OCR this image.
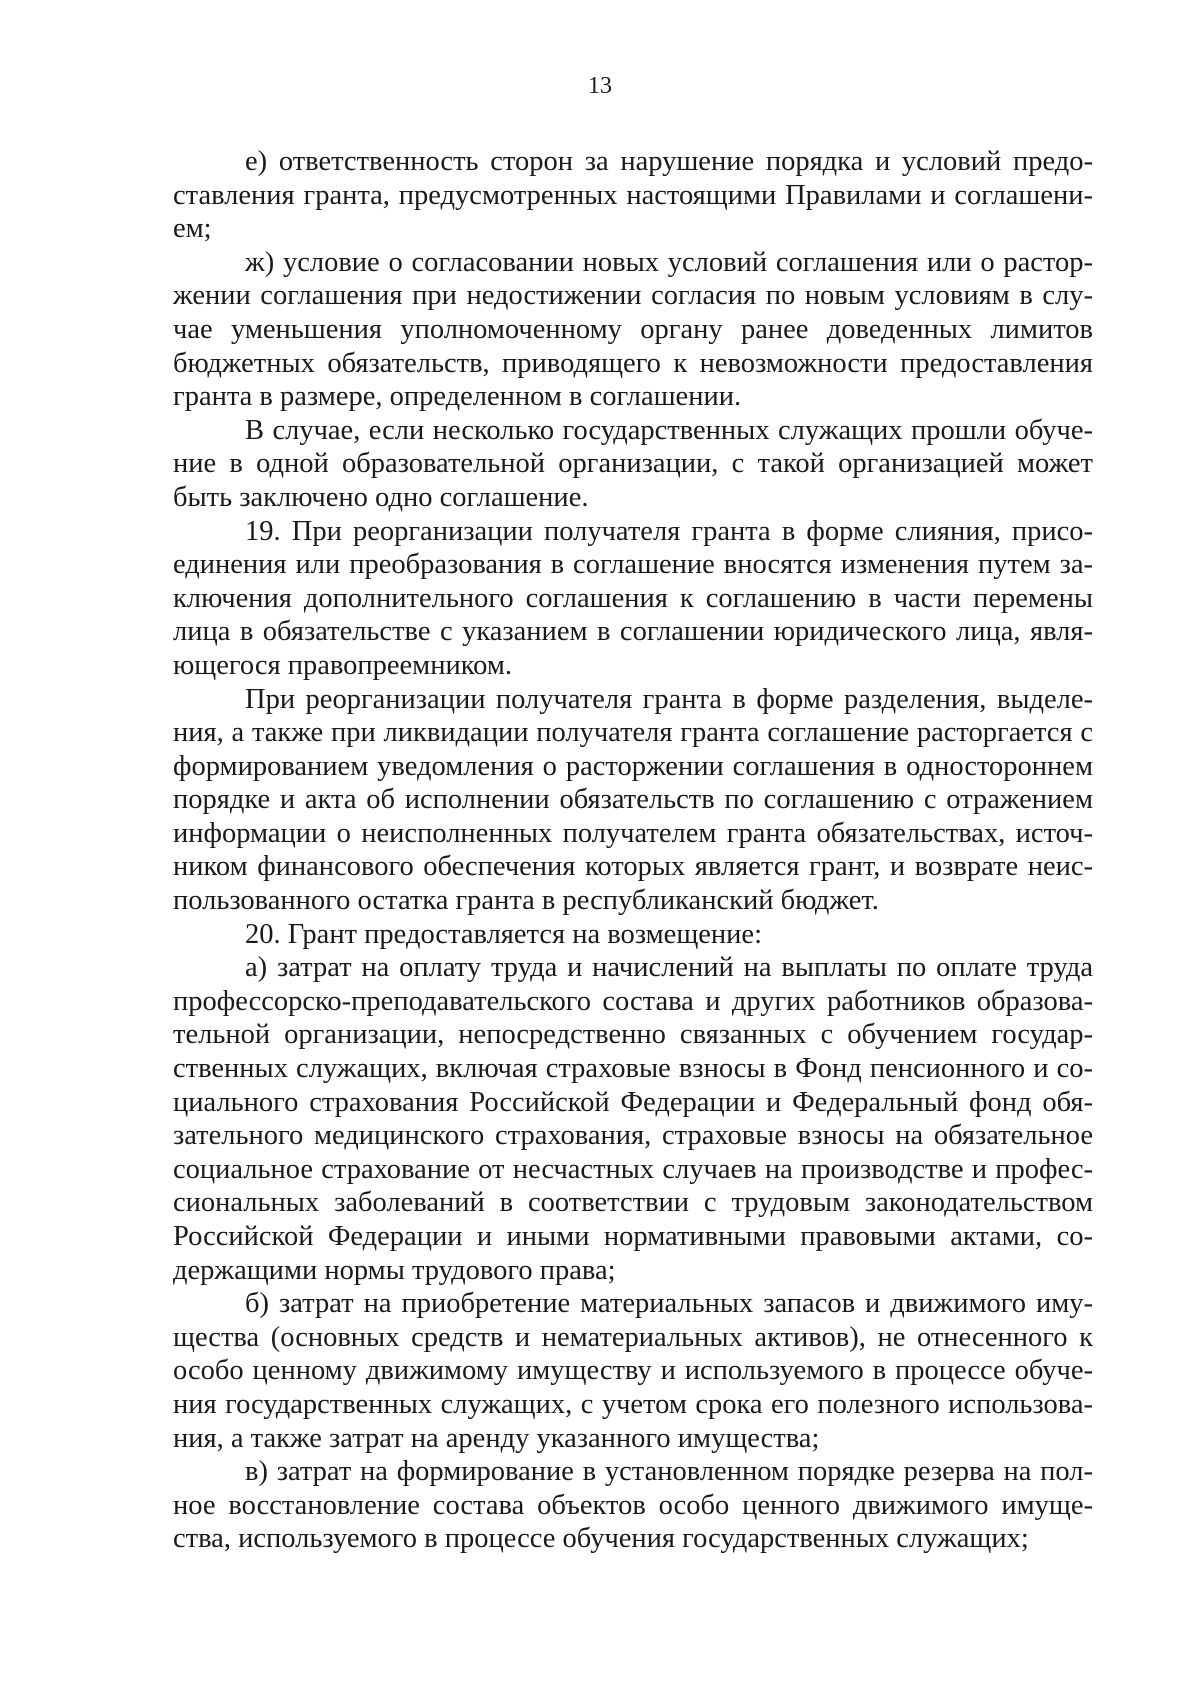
13
е) ответственность сторон за нарушение порядка и условий предо-
ставления гранта, предусмотренных настоящими Правилами и соглашени-
ем;
ж) условие о согласовании новых условий соглашения или о растор-
жении соглашения при недостижении согласия по новым условиям в слу-
чае уменьшения уполномоченному органу ранее доведенных лимитов
бюджетных обязательств, приводящего к невозможности предоставления
гранта в размере, определенном в соглашении.
В случае, если несколько государственных служащих прошли обуче-
ние в одной образовательной организации, с такой организацией может
быть заключено одно соглашение.
19. При реорганизации получателя гранта в форме слияния, присо-
единения или преобразования в соглашение вносятся изменения путем за-
ключения дополнительного соглашения к соглашению в части перемены
лица в обязательстве с указанием в соглашении юридического лица, явля-
ющегося правопреемником.
При реорганизации получателя гранта в форме разделения, выделе-
ния, а также при ликвидации получателя гранта соглашение расторгается с
формированием уведомления о расторжении соглашения в одностороннем
порядке и акта об исполнении обязательств по соглашению с отражением
информации о неисполненных получателем гранта обязательствах, источ-
ником финансового обеспечения которых является грант, и возврате неис-
пользованного остатка гранта в республиканский бюджет.
20. Грант предоставляется на возмещение:
а) затрат на оплату труда и начислений на выплаты по оплате труда
профессорско-преподавательского состава и других работников образова-
тельной организации, непосредственно связанных с обучением государ-
ственных служащих, включая страховые взносы в Фонд пенсионного и со-
циального страхования Российской Федерации и Федеральный фонд обя-
зательного медицинского страхования, страховые взносы на обязательное
социальное страхование от несчастных случаев на производстве и профес-
сиональных заболеваний в соответствии с трудовым законодательством
Российской Федерации и иными нормативными правовыми актами, со-
держащими нормы трудового права;
б) затрат на приобретение материальных запасов и движимого иму-
щества (основных средств и нематериальных активов), не отнесенного к
особо ценному движимому имуществу и используемого в процессе обуче-
ния государственных служащих, с учетом срока его полезного использова-
ния, а также затрат на аренду указанного имущества;
в) затрат на формирование в установленном порядке резерва на пол-
ное восстановление состава объектов особо ценного движимого имуще-
ства, используемого в процессе обучения государственных служащих;
